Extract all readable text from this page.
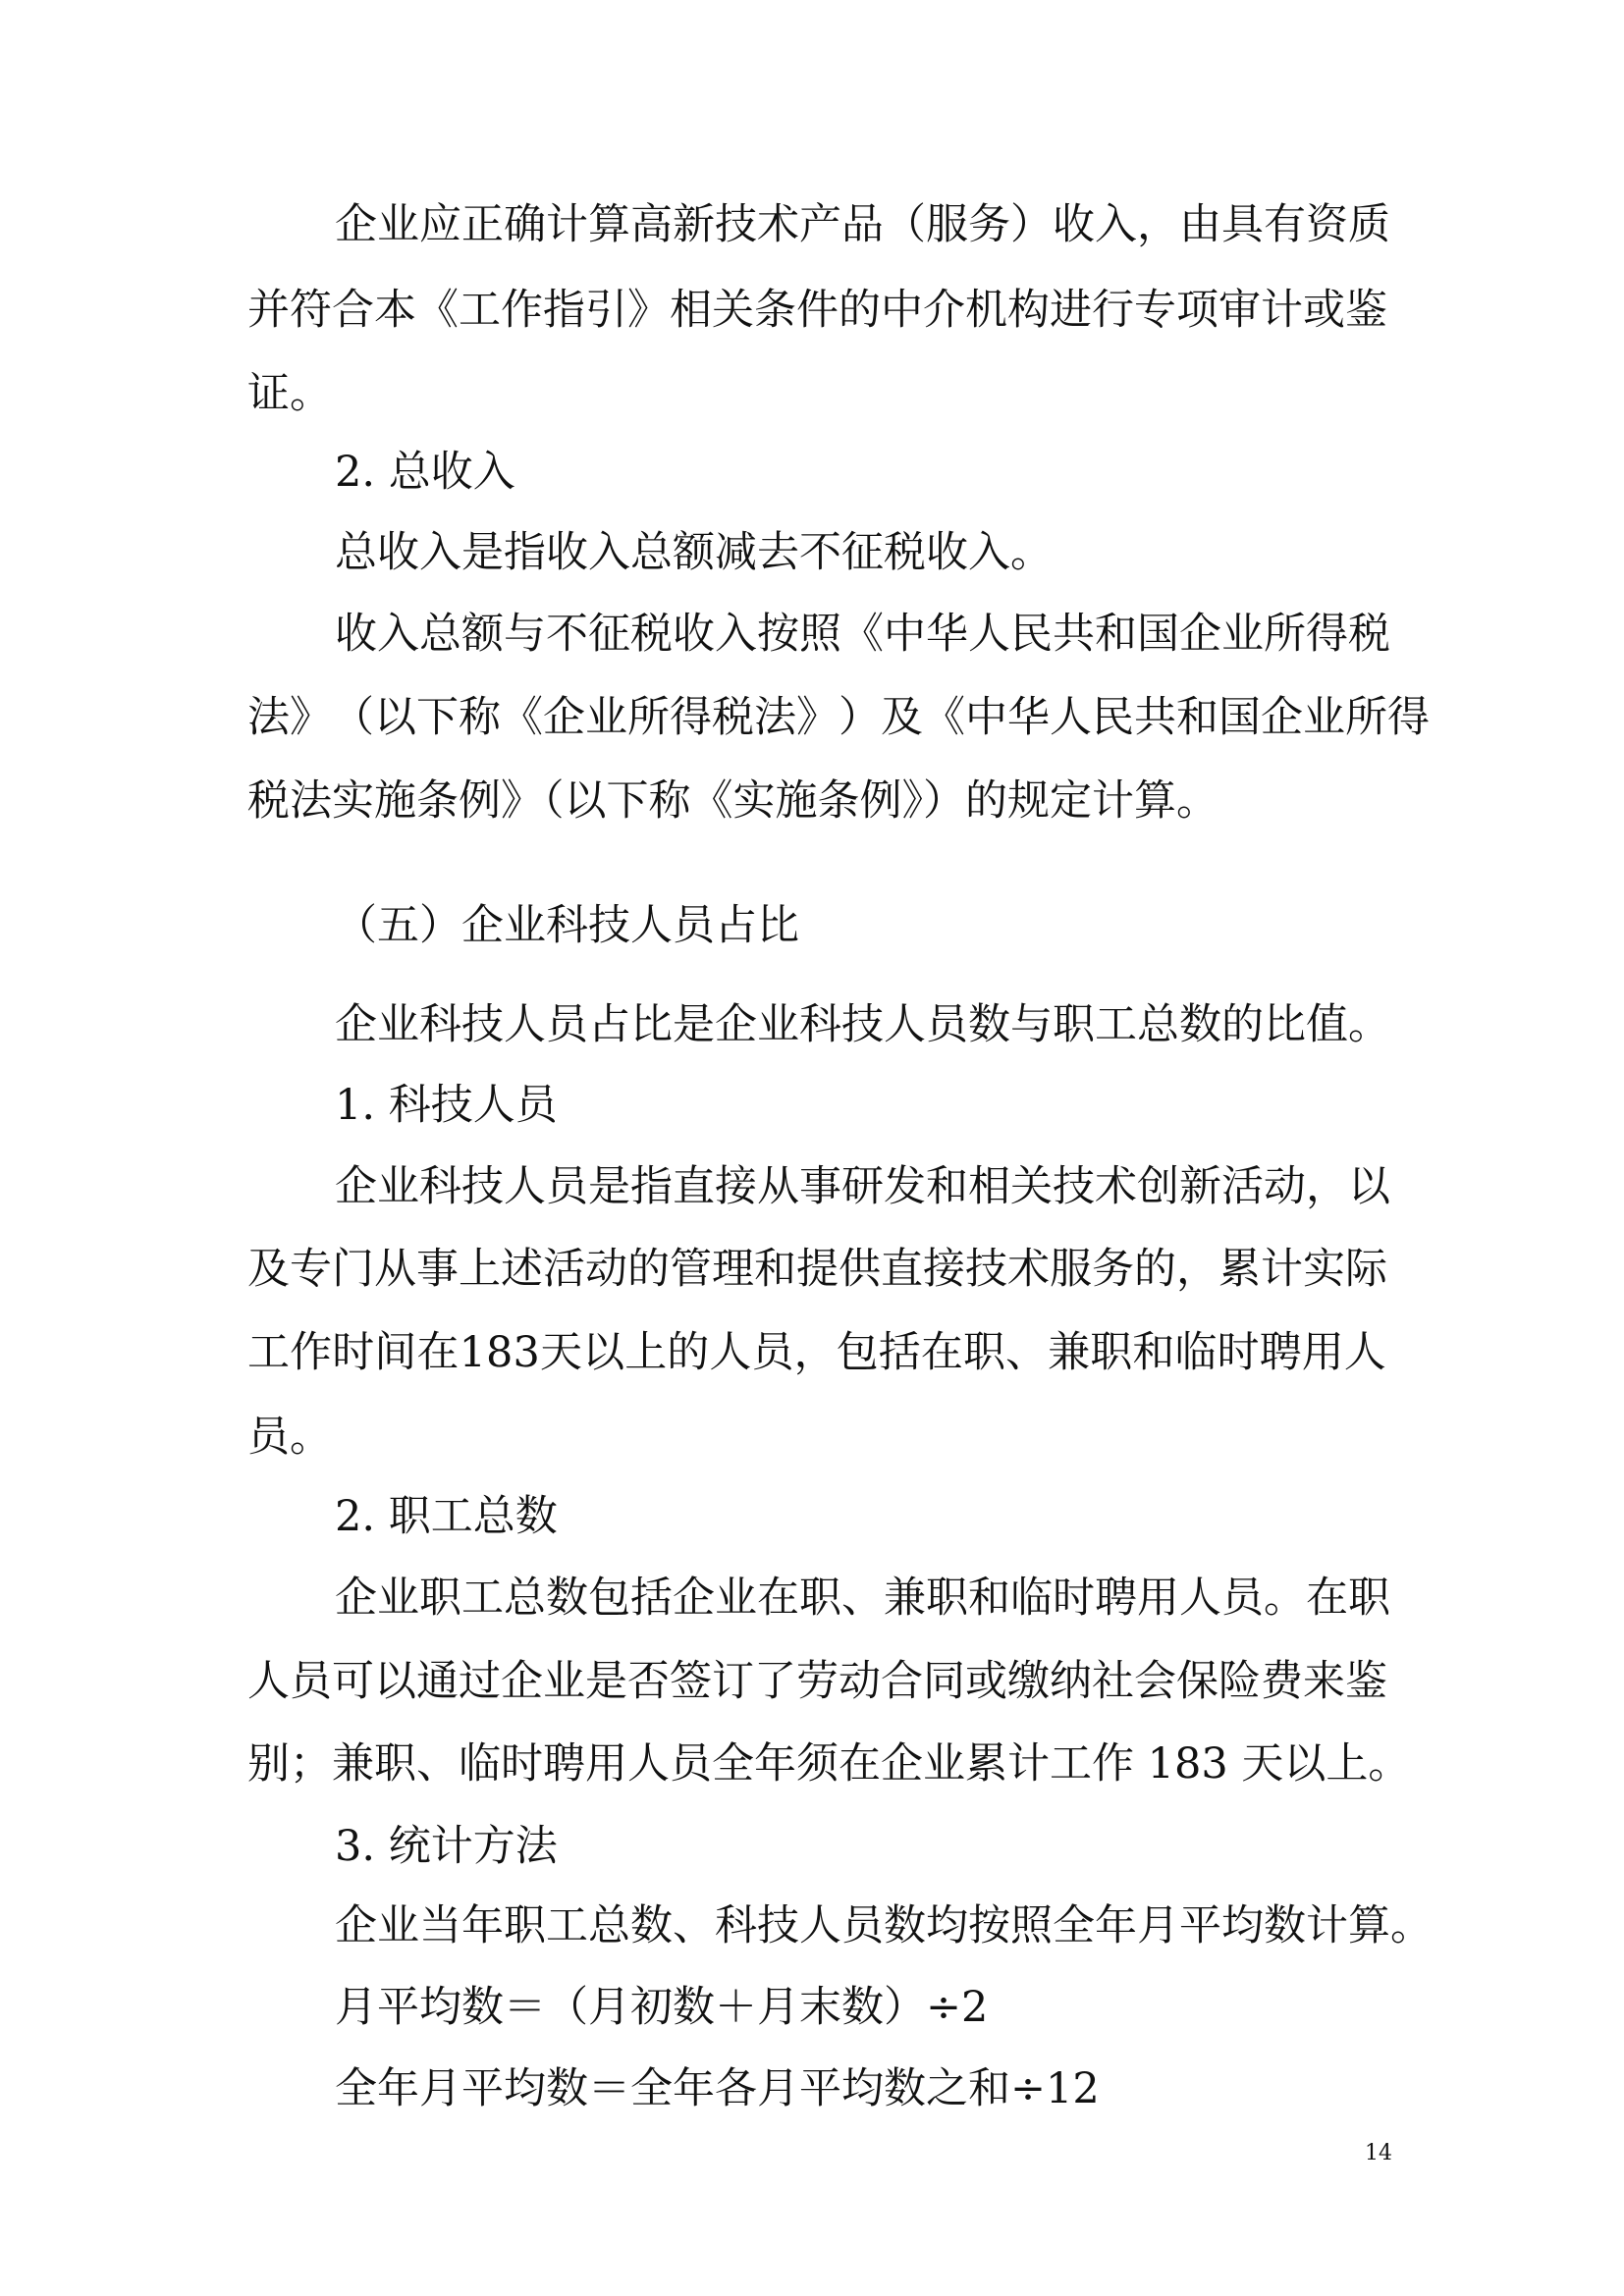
企 业 应 正 确 计 算 高 新 技 术 产 品 （ 服 务 ） 收 入 ， 由 具 有 资 质

并 符 合 本 《 工 作 指 引 》 相 关 条 件 的 中 介 机 构 进 行 专 项 审 计 或 鉴

证。

2. 总收入

总收入是指收入总额减去不征税收入。

收 入 总 额 与 不 征 税 收 入 按 照 《 中 华 人 民 共 和 国 企 业 所 得 税

法 》 （ 以 下 称 《 企 业 所 得 税 法 》 ） 及 《 中 华 人 民 共 和 国 企 业 所 得

税法实施条例》（以下称《实施条例》）的规定计算。

（五）企业科技人员占比

企业科技人员占比是企业科技人员数与职工总数的比值。

1. 科技人员

企 业 科 技 人 员 是 指 直 接 从 事 研 发 和 相 关 技 术 创 新 活 动 ， 以

及 专 门 从 事 上 述 活 动 的 管 理 和 提 供 直 接 技 术 服 务 的 ， 累 计 实 际

工 作 时 间 在 1 8 3 天 以 上 的 人 员 ， 包 括 在 职 、 兼 职 和 临 时 聘 用 人

员。

2. 职工总数

企 业 职 工 总 数 包 括 企 业 在 职 、 兼 职 和 临 时 聘 用 人 员 。 在 职

人 员 可 以 通 过 企 业 是 否 签 订 了 劳 动 合 同 或 缴 纳 社 会 保 险 费 来 鉴

别；兼职、临时聘用人员全年须在企业累计工作 183 天以上。

3. 统计方法

企业当年职工总数、科技人员数均按照全年月平均数计算。

月平均数＝（月初数＋月末数）÷2

全年月平均数＝全年各月平均数之和÷12

14
